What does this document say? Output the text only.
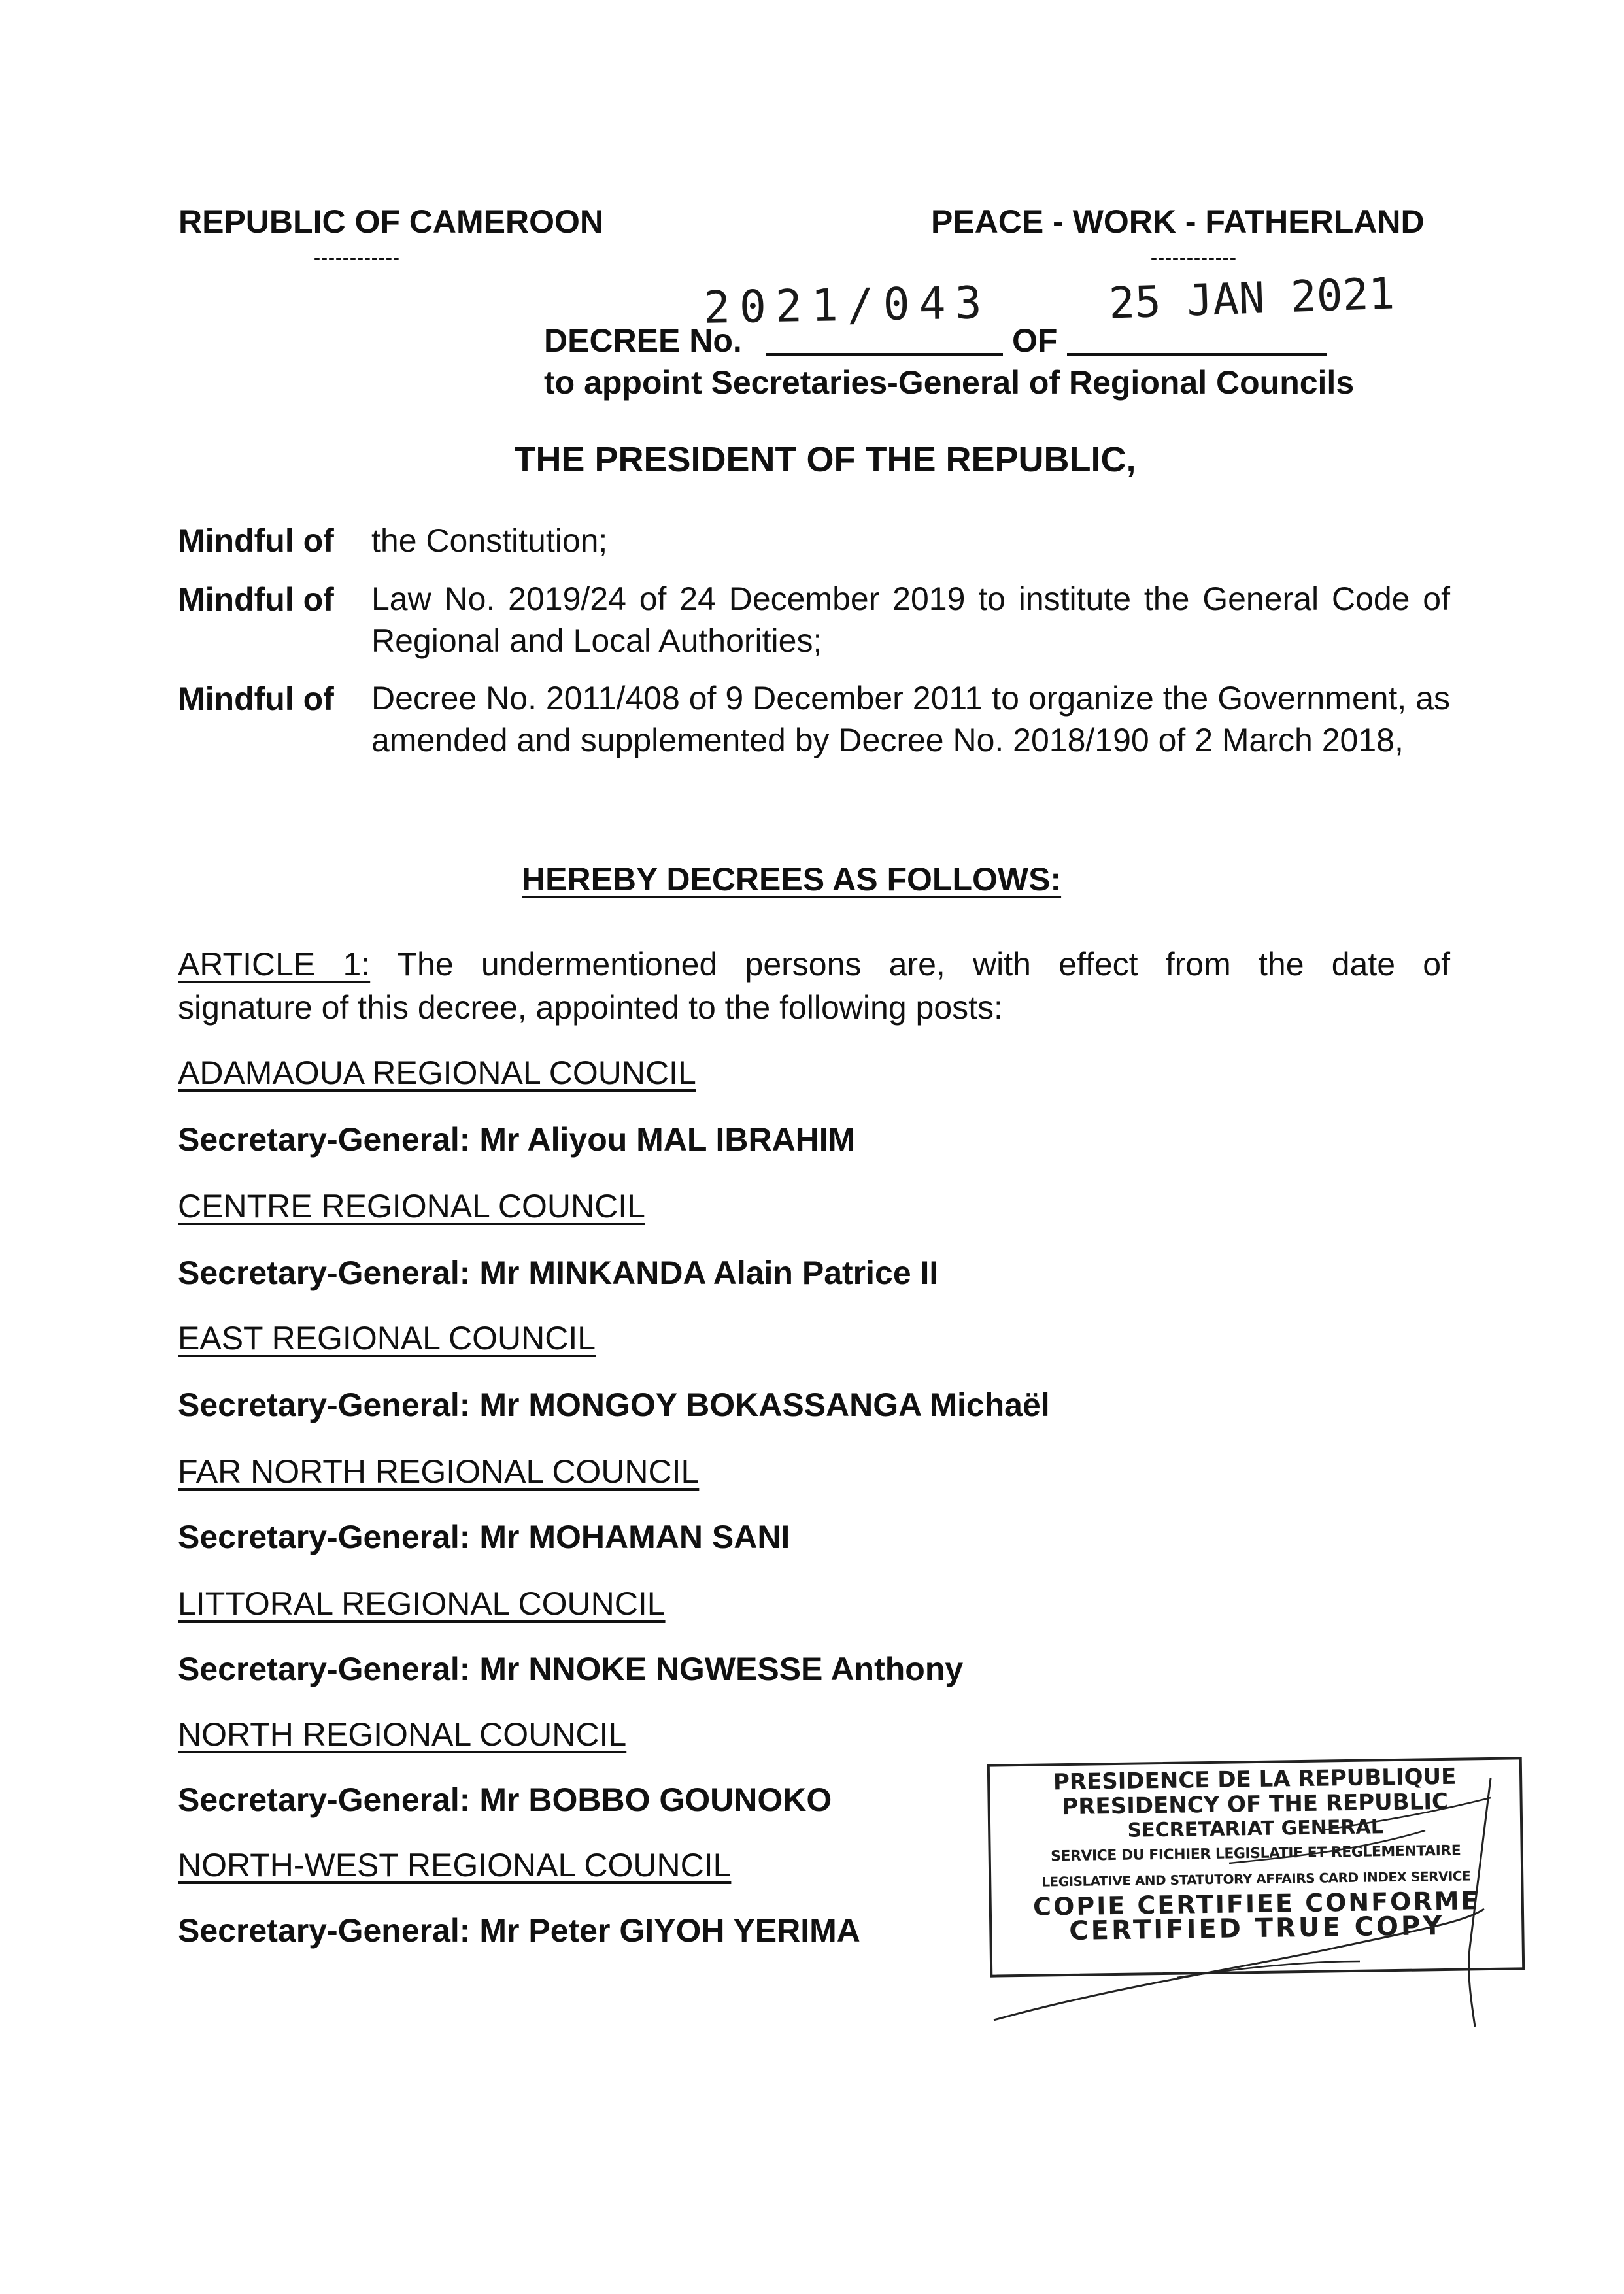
REPUBLIC OF CAMEROON
------------
PEACE - WORK - FATHERLAND
------------
DECREE No.
2021/043
OF
25 JAN 2021
to appoint Secretaries-General of Regional Councils
THE PRESIDENT OF THE REPUBLIC,
Mindful of the Constitution;
Mindful of Law No. 2019/24 of 24 December 2019 to institute the General Code of Regional and Local Authorities;
Mindful of Decree No. 2011/408 of 9 December 2011 to organize the Government, as amended and supplemented by Decree No. 2018/190 of 2 March 2018,
HEREBY DECREES AS FOLLOWS:
ARTICLE 1: The undermentioned persons are, with effect from the date of
signature of this decree, appointed to the following posts:
ADAMAOUA REGIONAL COUNCIL
Secretary-General: Mr Aliyou MAL IBRAHIM
CENTRE REGIONAL COUNCIL
Secretary-General: Mr MINKANDA Alain Patrice II
EAST REGIONAL COUNCIL
Secretary-General: Mr MONGOY BOKASSANGA Michaël
FAR NORTH REGIONAL COUNCIL
Secretary-General: Mr MOHAMAN SANI
LITTORAL REGIONAL COUNCIL
Secretary-General: Mr NNOKE NGWESSE Anthony
NORTH REGIONAL COUNCIL
Secretary-General: Mr BOBBO GOUNOKO
NORTH-WEST REGIONAL COUNCIL
Secretary-General: Mr Peter GIYOH YERIMA
PRESIDENCE DE LA REPUBLIQUE
PRESIDENCY OF THE REPUBLIC
SECRETARIAT GENERAL
SERVICE DU FICHIER LEGISLATIF ET REGLEMENTAIRE
LEGISLATIVE AND STATUTORY AFFAIRS CARD INDEX SERVICE
COPIE CERTIFIEE CONFORME
CERTIFIED TRUE COPY
